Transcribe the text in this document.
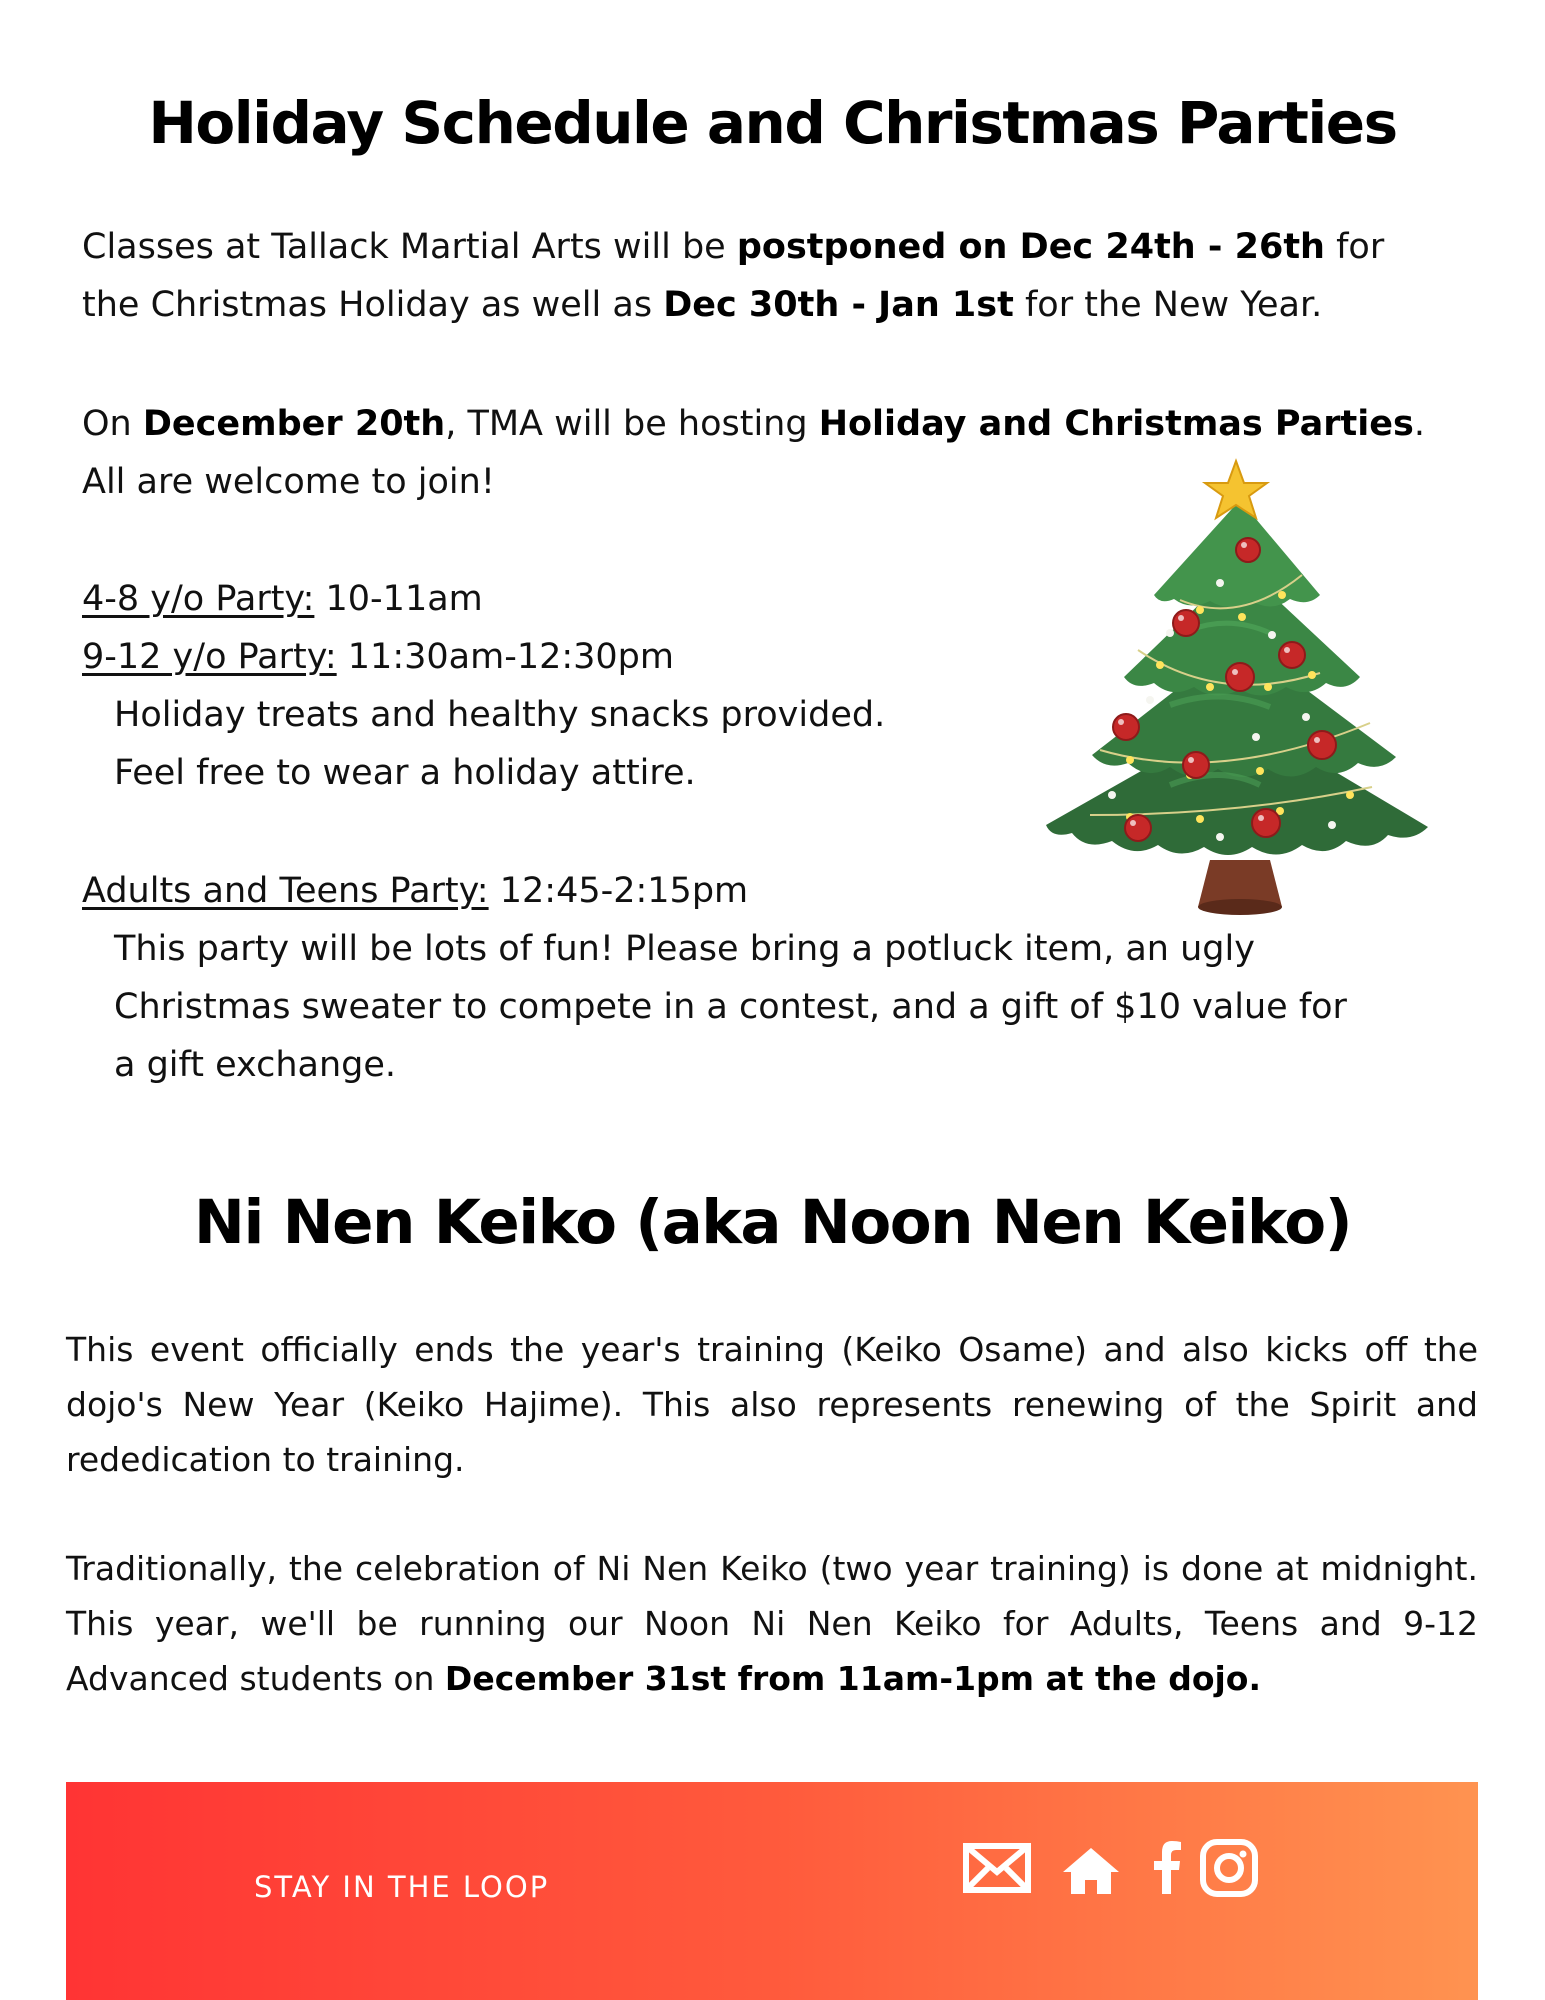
Holiday Schedule and Christmas Parties
Classes at Tallack Martial Arts will be postponed on Dec 24th - 26th for
the Christmas Holiday as well as Dec 30th - Jan 1st for the New Year.
On December 20th, TMA will be hosting Holiday and Christmas Parties.
All are welcome to join!
4-8 y/o Party: 10-11am
9-12 y/o Party: 11:30am-12:30pm
Holiday treats and healthy snacks provided.
Feel free to wear a holiday attire.
Adults and Teens Party: 12:45-2:15pm
This party will be lots of fun! Please bring a potluck item, an ugly
Christmas sweater to compete in a contest, and a gift of $10 value for
a gift exchange.
Ni Nen Keiko (aka Noon Nen Keiko)

This event officially ends the year's training (Keiko Osame) and also kicks off the dojo's New Year (Keiko Hajime). This also represents renewing of the Spirit and rededication to training.

Traditionally, the celebration of Ni Nen Keiko (two year training) is done at midnight. This year, we'll be running our Noon Ni Nen Keiko for Adults, Teens and 9-12 Advanced students on December 31st from 11am-1pm at the dojo.

STAY IN THE LOOP
